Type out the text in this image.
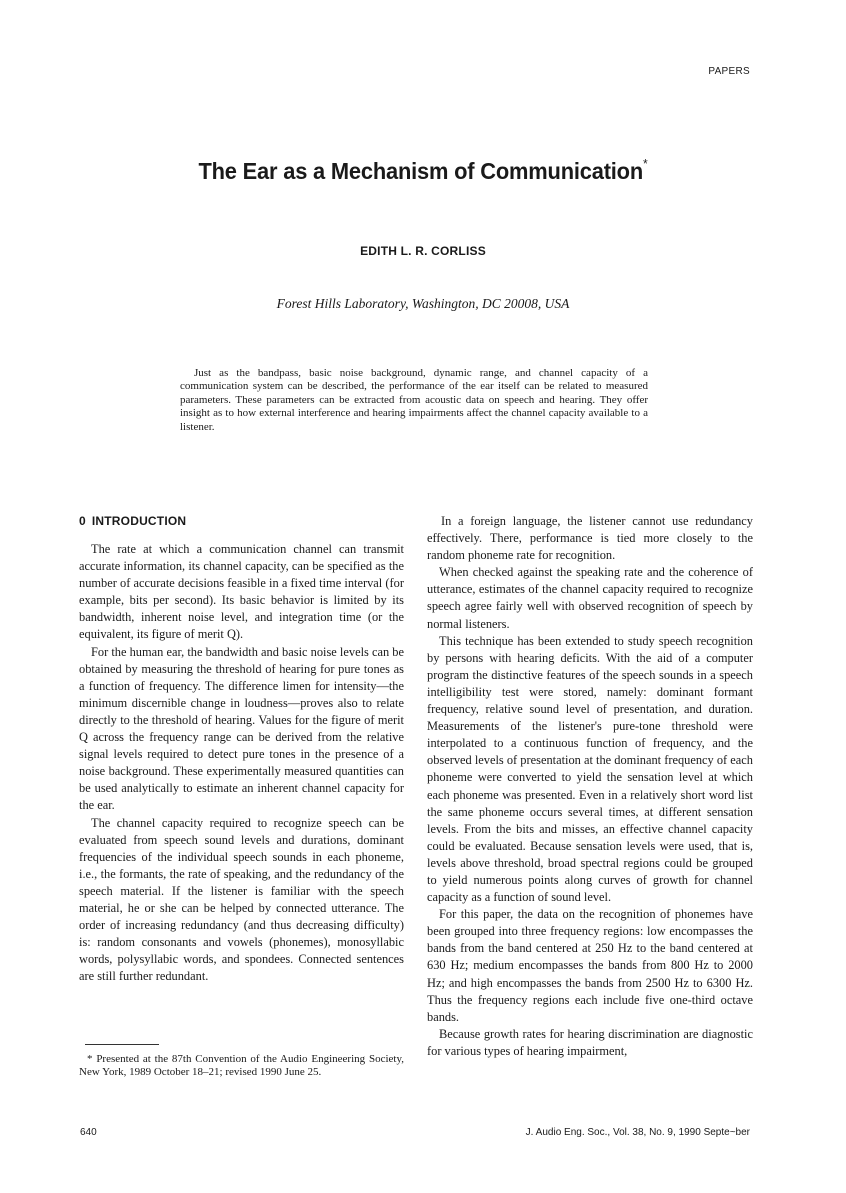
PAPERS
The Ear as a Mechanism of Communication*
EDITH L. R. CORLISS
Forest Hills Laboratory, Washington, DC 20008, USA

Just as the bandpass, basic noise background, dynamic range, and channel capacity of a communication system can be described, the performance of the ear itself can be related to measured parameters. These parameters can be extracted from acoustic data on speech and hearing. They offer insight as to how external interference and hearing impairments affect the channel capacity available to a listener.

0 INTRODUCTION

The rate at which a communication channel can transmit accurate information, its channel capacity, can be specified as the number of accurate decisions feasible in a fixed time interval (for example, bits per second). Its basic behavior is limited by its bandwidth, inherent noise level, and integration time (or the equivalent, its figure of merit Q).

For the human ear, the bandwidth and basic noise levels can be obtained by measuring the threshold of hearing for pure tones as a function of frequency. The difference limen for intensity—the minimum discernible change in loudness—proves also to relate directly to the threshold of hearing. Values for the figure of merit Q across the frequency range can be derived from the relative signal levels required to detect pure tones in the presence of a noise background. These experimentally measured quantities can be used analytically to estimate an inherent channel capacity for the ear.

The channel capacity required to recognize speech can be evaluated from speech sound levels and durations, dominant frequencies of the individual speech sounds in each phoneme, i.e., the formants, the rate of speaking, and the redundancy of the speech material. If the listener is familiar with the speech material, he or she can be helped by connected utterance. The order of increasing redundancy (and thus decreasing difficulty) is: random consonants and vowels (phonemes), monosyllabic words, polysyllabic words, and spondees. Connected sentences are still further redundant.

In a foreign language, the listener cannot use redundancy effectively. There, performance is tied more closely to the random phoneme rate for recognition.

When checked against the speaking rate and the coherence of utterance, estimates of the channel capacity required to recognize speech agree fairly well with observed recognition of speech by normal listeners.

This technique has been extended to study speech recognition by persons with hearing deficits. With the aid of a computer program the distinctive features of the speech sounds in a speech intelligibility test were stored, namely: dominant formant frequency, relative sound level of presentation, and duration. Measurements of the listener's pure-tone threshold were interpolated to a continuous function of frequency, and the observed levels of presentation at the dominant frequency of each phoneme were converted to yield the sensation level at which each phoneme was presented. Even in a relatively short word list the same phoneme occurs several times, at different sensation levels. From the bits and misses, an effective channel capacity could be evaluated. Because sensation levels were used, that is, levels above threshold, broad spectral regions could be grouped to yield numerous points along curves of growth for channel capacity as a function of sound level.

For this paper, the data on the recognition of phonemes have been grouped into three frequency regions: low encompasses the bands from the band centered at 250 Hz to the band centered at 630 Hz; medium encompasses the bands from 800 Hz to 2000 Hz; and high encompasses the bands from 2500 Hz to 6300 Hz. Thus the frequency regions each include five one-third octave bands.

Because growth rates for hearing discrimination are diagnostic for various types of hearing impairment,

* Presented at the 87th Convention of the Audio Engineering Society, New York, 1989 October 18–21; revised 1990 June 25.

640	J. Audio Eng. Soc., Vol. 38, No. 9, 1990 Septe~ber
